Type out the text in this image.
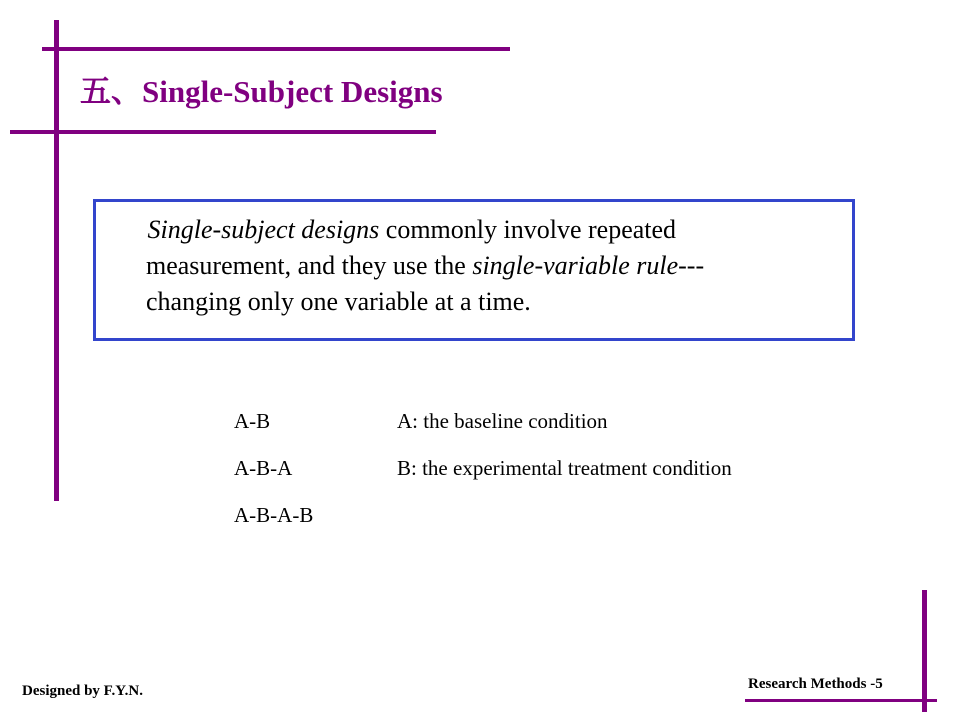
五、Single-Subject Designs
Single-subject designs commonly involve repeated
measurement, and they use the single-variable rule---
changing only one variable at a time.
A-B
A-B-A
A-B-A-B
A: the baseline condition
B: the experimental treatment condition
Designed by F.Y.N.	Research Methods -5
